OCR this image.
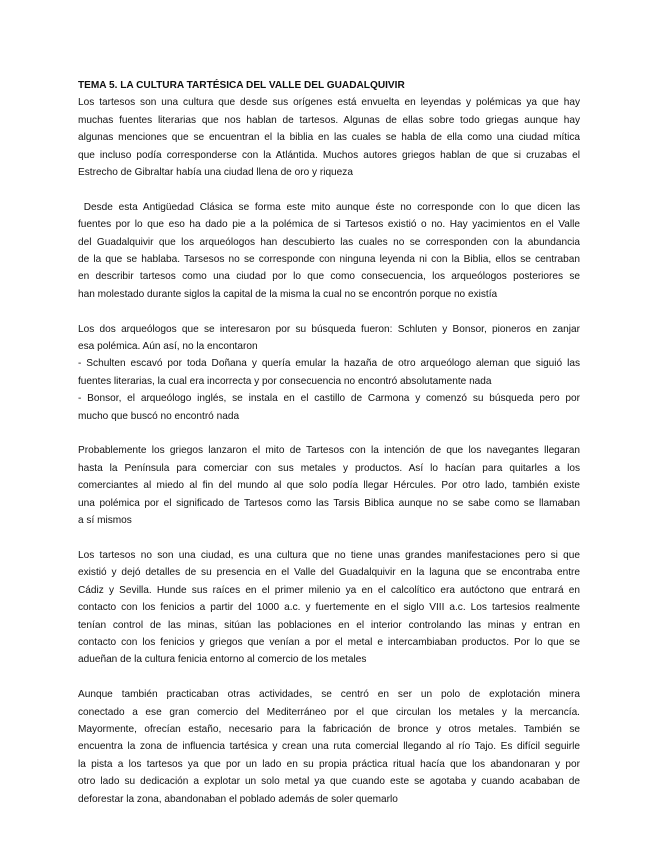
TEMA 5. LA CULTURA TARTÉSICA DEL VALLE DEL GUADALQUIVIR

Los tartesos son una cultura que desde sus orígenes está envuelta en leyendas y polémicas ya que hay
muchas fuentes literarias que nos hablan de tartesos. Algunas de ellas sobre todo griegas aunque hay
algunas menciones que se encuentran el la biblia en las cuales se habla de ella como una ciudad mítica
que incluso podía corresponderse con la Atlántida. Muchos autores griegos hablan de que si cruzabas el
Estrecho de Gibraltar había una ciudad llena de oro y riqueza
Desde esta Antigüedad Clásica se forma este mito aunque éste no corresponde con lo que dicen las
fuentes por lo que eso ha dado pie a la polémica de si Tartesos existió o no. Hay yacimientos en el Valle
del Guadalquivir que los arqueólogos han descubierto las cuales no se corresponden con la abundancia
de la que se hablaba. Tarsesos no se corresponde con ninguna leyenda ni con la Biblia, ellos se centraban
en describir tartesos como una ciudad por lo que como consecuencia, los arqueólogos posteriores se
han molestado durante siglos la capital de la misma la cual no se encontrón porque no existía
Los dos arqueólogos que se interesaron por su búsqueda fueron: Schluten y Bonsor, pioneros en zanjar
esa polémica. Aún así, no la encontaron
- Schulten escavó por toda Doñana y quería emular la hazaña de otro arqueólogo aleman que siguió las
fuentes literarias, la cual era incorrecta y por consecuencia no encontró absolutamente nada
- Bonsor, el arqueólogo inglés, se instala en el castillo de Carmona y comenzó su búsqueda pero por
mucho que buscó no encontró nada
Probablemente los griegos lanzaron el mito de Tartesos con la intención de que los navegantes llegaran
hasta la Península para comerciar con sus metales y productos. Así lo hacían para quitarles a los
comerciantes al miedo al fin del mundo al que solo podía llegar Hércules. Por otro lado, también existe
una polémica por el significado de Tartesos como las Tarsis Biblica aunque no se sabe como se llamaban
a sí mismos
Los tartesos no son una ciudad, es una cultura que no tiene unas grandes manifestaciones pero si que
existió y dejó detalles de su presencia en el Valle del Guadalquivir en la laguna que se encontraba entre
Cádiz y Sevilla. Hunde sus raíces en el primer milenio ya en el calcolítico era autóctono que entrará en
contacto con los fenicios a partir del 1000 a.c. y fuertemente en el siglo VIII a.c. Los tartesios realmente
tenían control de las minas, sitúan las poblaciones en el interior controlando las minas y entran en
contacto con los fenicios y griegos que venían a por el metal e intercambiaban productos. Por lo que se
adueñan de la cultura fenicia entorno al comercio de los metales
Aunque también practicaban otras actividades, se centró en ser un polo de explotación minera
conectado a ese gran comercio del Mediterráneo por el que circulan los metales y la mercancía.
Mayormente, ofrecían estaño, necesario para la fabricación de bronce y otros metales. También se
encuentra la zona de influencia tartésica y crean una ruta comercial llegando al río Tajo. Es difícil seguirle
la pista a los tartesos ya que por un lado en su propia práctica ritual hacía que los abandonaran y por
otro lado su dedicación a explotar un solo metal ya que cuando este se agotaba y cuando acababan de
deforestar la zona, abandonaban el poblado además de soler quemarlo
